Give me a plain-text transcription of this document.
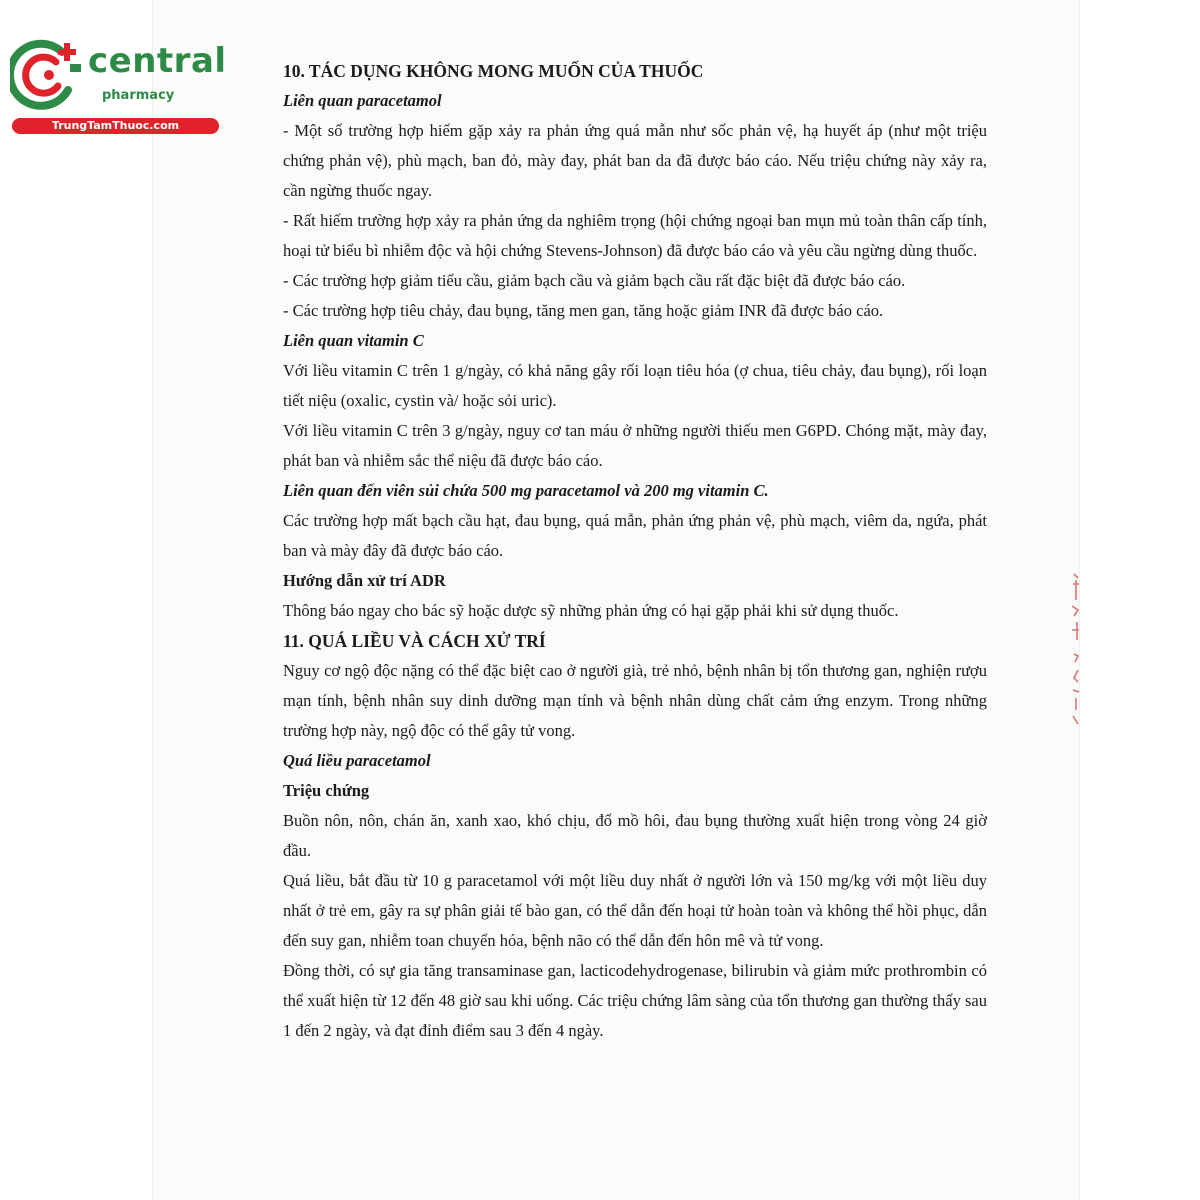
central
pharmacy
TrungTamThuoc.com

10. TÁC DỤNG KHÔNG MONG MUỐN CỦA THUỐC

Liên quan paracetamol

- Một số trường hợp hiếm gặp xảy ra phản ứng quá mẫn như sốc phản vệ, hạ huyết áp (như một triệu chứng phản vệ), phù mạch, ban đỏ, mày đay, phát ban da đã được báo cáo. Nếu triệu chứng này xảy ra, cần ngừng thuốc ngay.

- Rất hiếm trường hợp xảy ra phản ứng da nghiêm trọng (hội chứng ngoại ban mụn mủ toàn thân cấp tính, hoại tử biểu bì nhiễm độc và hội chứng Stevens-Johnson) đã được báo cáo và yêu cầu ngừng dùng thuốc.

- Các trường hợp giảm tiểu cầu, giảm bạch cầu và giảm bạch cầu rất đặc biệt đã được báo cáo.

- Các trường hợp tiêu chảy, đau bụng, tăng men gan, tăng hoặc giảm INR đã được báo cáo.

Liên quan vitamin C

Với liều vitamin C trên 1 g/ngày, có khả năng gây rối loạn tiêu hóa (ợ chua, tiêu chảy, đau bụng), rối loạn tiết niệu (oxalic, cystin và/ hoặc sỏi uric).

Với liều vitamin C trên 3 g/ngày, nguy cơ tan máu ở những người thiếu men G6PD. Chóng mặt, mày đay, phát ban và nhiễm sắc thể niệu đã được báo cáo.

Liên quan đến viên sủi chứa 500 mg paracetamol và 200 mg vitamin C.

Các trường hợp mất bạch cầu hạt, đau bụng, quá mẫn, phản ứng phản vệ, phù mạch, viêm da, ngứa, phát ban và mày đây đã được báo cáo.

Hướng dẫn xử trí ADR

Thông báo ngay cho bác sỹ hoặc dược sỹ những phản ứng có hại gặp phải khi sử dụng thuốc.

11. QUÁ LIỀU VÀ CÁCH XỬ TRÍ

Nguy cơ ngộ độc nặng có thể đặc biệt cao ở người già, trẻ nhỏ, bệnh nhân bị tổn thương gan, nghiện rượu mạn tính, bệnh nhân suy dinh dưỡng mạn tính và bệnh nhân dùng chất cảm ứng enzym. Trong những trường hợp này, ngộ độc có thể gây tử vong.

Quá liều paracetamol

Triệu chứng

Buồn nôn, nôn, chán ăn, xanh xao, khó chịu, đổ mồ hôi, đau bụng thường xuất hiện trong vòng 24 giờ đầu.

Quá liều, bắt đầu từ 10 g paracetamol với một liều duy nhất ở người lớn và 150 mg/kg với một liều duy nhất ở trẻ em, gây ra sự phân giải tế bào gan, có thể dẫn đến hoại tử hoàn toàn và không thể hồi phục, dẫn đến suy gan, nhiễm toan chuyển hóa, bệnh não có thể dẫn đến hôn mê và tử vong.

Đồng thời, có sự gia tăng transaminase gan, lacticodehydrogenase, bilirubin và giảm mức prothrombin có thể xuất hiện từ 12 đến 48 giờ sau khi uống. Các triệu chứng lâm sàng của tổn thương gan thường thấy sau 1 đến 2 ngày, và đạt đỉnh điểm sau 3 đến 4 ngày.
